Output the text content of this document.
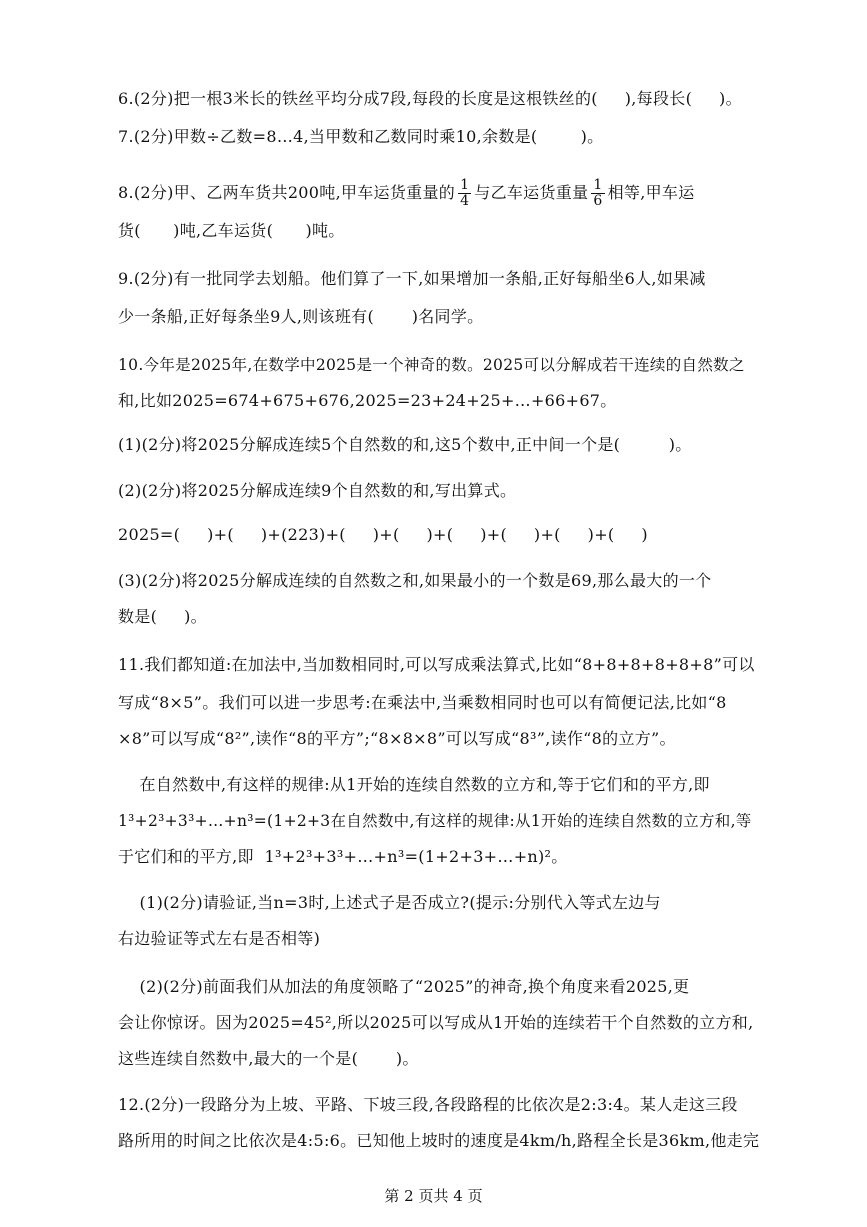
6.(2分)把一根3米长的铁丝平均分成7段,每段的长度是这根铁丝的(     ),每段长(     )。
7.(2分)甲数÷乙数=8…4,当甲数和乙数同时乘10,余数是(        )。
8.(2分)甲、乙两车货共200吨,甲车运货重量的 $\frac{1}{4}$ 与乙车运货重量 $\frac{1}{6}$ 相等,甲车运
货(      )吨,乙车运货(      )吨。
9.(2分)有一批同学去划船。他们算了一下,如果增加一条船,正好每船坐6人,如果减
少一条船,正好每条坐9人,则该班有(       )名同学。
10.今年是2025年,在数学中2025是一个神奇的数。2025可以分解成若干连续的自然数之
和,比如2025=674+675+676,2025=23+24+25+…+66+67。
(1)(2分)将2025分解成连续5个自然数的和,这5个数中,正中间一个是(         )。
(2)(2分)将2025分解成连续9个自然数的和,写出算式。
2025=(     )+(     )+(223)+(     )+(     )+(     )+(     )+(     )+(     )
(3)(2分)将2025分解成连续的自然数之和,如果最小的一个数是69,那么最大的一个
数是(     )。
11.我们都知道:在加法中,当加数相同时,可以写成乘法算式,比如“8+8+8+8+8+8”可以
写成“8×5”。我们可以进一步思考:在乘法中,当乘数相同时也可以有简便记法,比如“8
×8”可以写成“8²”,读作“8的平方”;“8×8×8”可以写成“8³”,读作“8的立方”。
在自然数中,有这样的规律:从1开始的连续自然数的立方和,等于它们和的平方,即
1³+2³+3³+…+n³=(1+2+3在自然数中,有这样的规律:从1开始的连续自然数的立方和,等
于它们和的平方,即  1³+2³+3³+…+n³=(1+2+3+…+n)²。
(1)(2分)请验证,当n=3时,上述式子是否成立?(提示:分别代入等式左边与
右边验证等式左右是否相等)
(2)(2分)前面我们从加法的角度领略了“2025”的神奇,换个角度来看2025,更
会让你惊讶。因为2025=45²,所以2025可以写成从1开始的连续若干个自然数的立方和,
这些连续自然数中,最大的一个是(       )。
12.(2分)一段路分为上坡、平路、下坡三段,各段路程的比依次是2:3:4。某人走这三段
路所用的时间之比依次是4:5:6。已知他上坡时的速度是4km/h,路程全长是36km,他走完
第 2 页共 4 页
